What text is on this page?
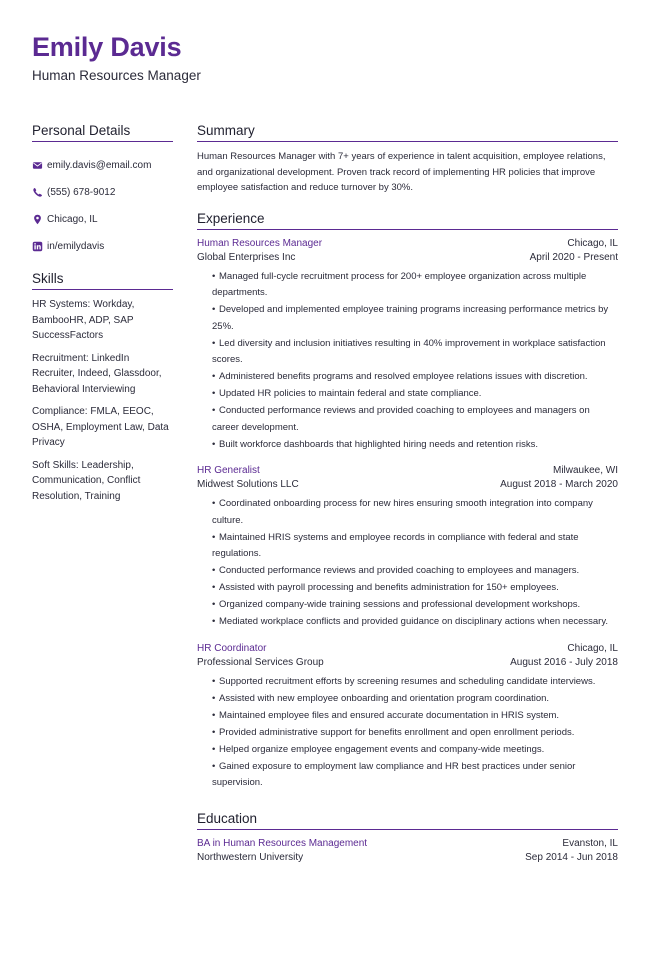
Emily Davis
Human Resources Manager
Personal Details
emily.davis@email.com
(555) 678-9012
Chicago, IL
in/emilydavis
Skills
HR Systems: Workday, BambooHR, ADP, SAP SuccessFactors
Recruitment: LinkedIn Recruiter, Indeed, Glassdoor, Behavioral Interviewing
Compliance: FMLA, EEOC, OSHA, Employment Law, Data Privacy
Soft Skills: Leadership, Communication, Conflict Resolution, Training
Summary
Human Resources Manager with 7+ years of experience in talent acquisition, employee relations, and organizational development. Proven track record of implementing HR policies that improve employee satisfaction and reduce turnover by 30%.
Experience
Human Resources Manager	Chicago, IL
Global Enterprises Inc	April 2020 - Present
• Managed full-cycle recruitment process for 200+ employee organization across multiple departments.
• Developed and implemented employee training programs increasing performance metrics by 25%.
• Led diversity and inclusion initiatives resulting in 40% improvement in workplace satisfaction scores.
• Administered benefits programs and resolved employee relations issues with discretion.
• Updated HR policies to maintain federal and state compliance.
• Conducted performance reviews and provided coaching to employees and managers on career development.
• Built workforce dashboards that highlighted hiring needs and retention risks.
HR Generalist	Milwaukee, WI
Midwest Solutions LLC	August 2018 - March 2020
• Coordinated onboarding process for new hires ensuring smooth integration into company culture.
• Maintained HRIS systems and employee records in compliance with federal and state regulations.
• Conducted performance reviews and provided coaching to employees and managers.
• Assisted with payroll processing and benefits administration for 150+ employees.
• Organized company-wide training sessions and professional development workshops.
• Mediated workplace conflicts and provided guidance on disciplinary actions when necessary.
HR Coordinator	Chicago, IL
Professional Services Group	August 2016 - July 2018
• Supported recruitment efforts by screening resumes and scheduling candidate interviews.
• Assisted with new employee onboarding and orientation program coordination.
• Maintained employee files and ensured accurate documentation in HRIS system.
• Provided administrative support for benefits enrollment and open enrollment periods.
• Helped organize employee engagement events and company-wide meetings.
• Gained exposure to employment law compliance and HR best practices under senior supervision.
Education
BA in Human Resources Management	Evanston, IL
Northwestern University	Sep 2014 - Jun 2018
